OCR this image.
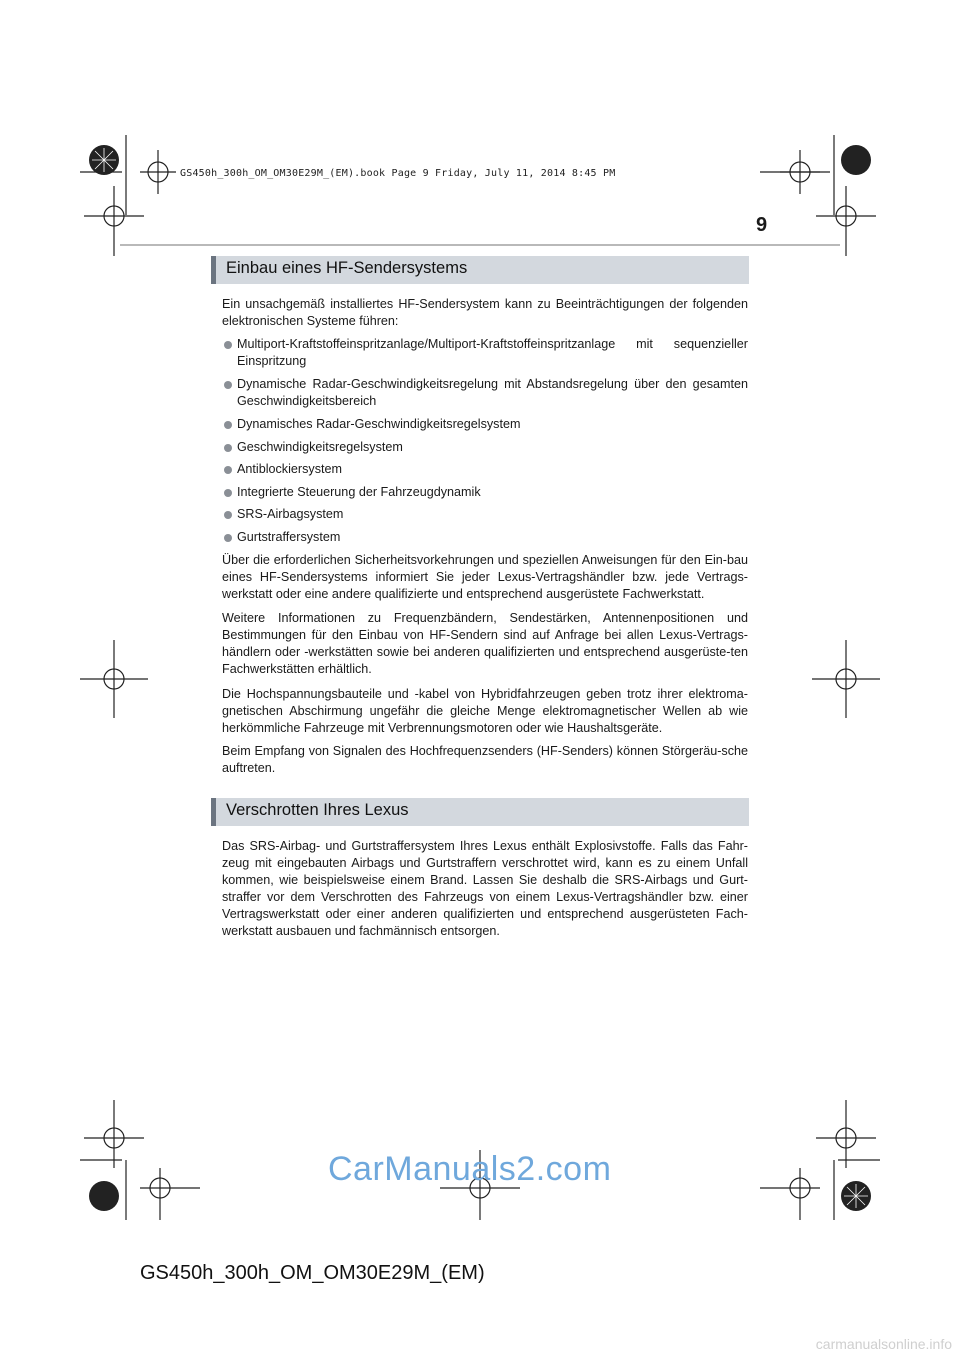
GS450h_300h_OM_OM30E29M_(EM).book Page 9 Friday, July 11, 2014 8:45 PM
9
Einbau eines HF-Sendersystems

Ein unsachgemäß installiertes HF-Sendersystem kann zu Beeinträchtigungen der folgenden elektronischen Systeme führen:

Multiport-Kraftstoffeinspritzanlage/Multiport-Kraftstoffeinspritzanlage mit sequenzieller Einspritzung
Dynamische Radar-Geschwindigkeitsregelung mit Abstandsregelung über den gesamten Geschwindigkeitsbereich
Dynamisches Radar-Geschwindigkeitsregelsystem
Geschwindigkeitsregelsystem
Antiblockiersystem
Integrierte Steuerung der Fahrzeugdynamik
SRS-Airbagsystem
Gurtstraffersystem

Über die erforderlichen Sicherheitsvorkehrungen und speziellen Anweisungen für den Ein-bau eines HF-Sendersystems informiert Sie jeder Lexus-Vertragshändler bzw. jede Vertrags-werkstatt oder eine andere qualifizierte und entsprechend ausgerüstete Fachwerkstatt.

Weitere Informationen zu Frequenzbändern, Sendestärken, Antennenpositionen und Bestimmungen für den Einbau von HF-Sendern sind auf Anfrage bei allen Lexus-Vertrags-händlern oder -werkstätten sowie bei anderen qualifizierten und entsprechend ausgerüste-ten Fachwerkstätten erhältlich.

Die Hochspannungsbauteile und -kabel von Hybridfahrzeugen geben trotz ihrer elektroma-gnetischen Abschirmung ungefähr die gleiche Menge elektromagnetischer Wellen ab wie herkömmliche Fahrzeuge mit Verbrennungsmotoren oder wie Haushaltsgeräte.

Beim Empfang von Signalen des Hochfrequenzsenders (HF-Senders) können Störgeräu-sche auftreten.

Verschrotten Ihres Lexus

Das SRS-Airbag- und Gurtstraffersystem Ihres Lexus enthält Explosivstoffe. Falls das Fahr-zeug mit eingebauten Airbags und Gurtstraffern verschrottet wird, kann es zu einem Unfall kommen, wie beispielsweise einem Brand. Lassen Sie deshalb die SRS-Airbags und Gurt-straffer vor dem Verschrotten des Fahrzeugs von einem Lexus-Vertragshändler bzw. einer Vertragswerkstatt oder einer anderen qualifizierten und entsprechend ausgerüsteten Fach-werkstatt ausbauen und fachmännisch entsorgen.

CarManuals2.com
GS450h_300h_OM_OM30E29M_(EM)
carmanualsonline.info
